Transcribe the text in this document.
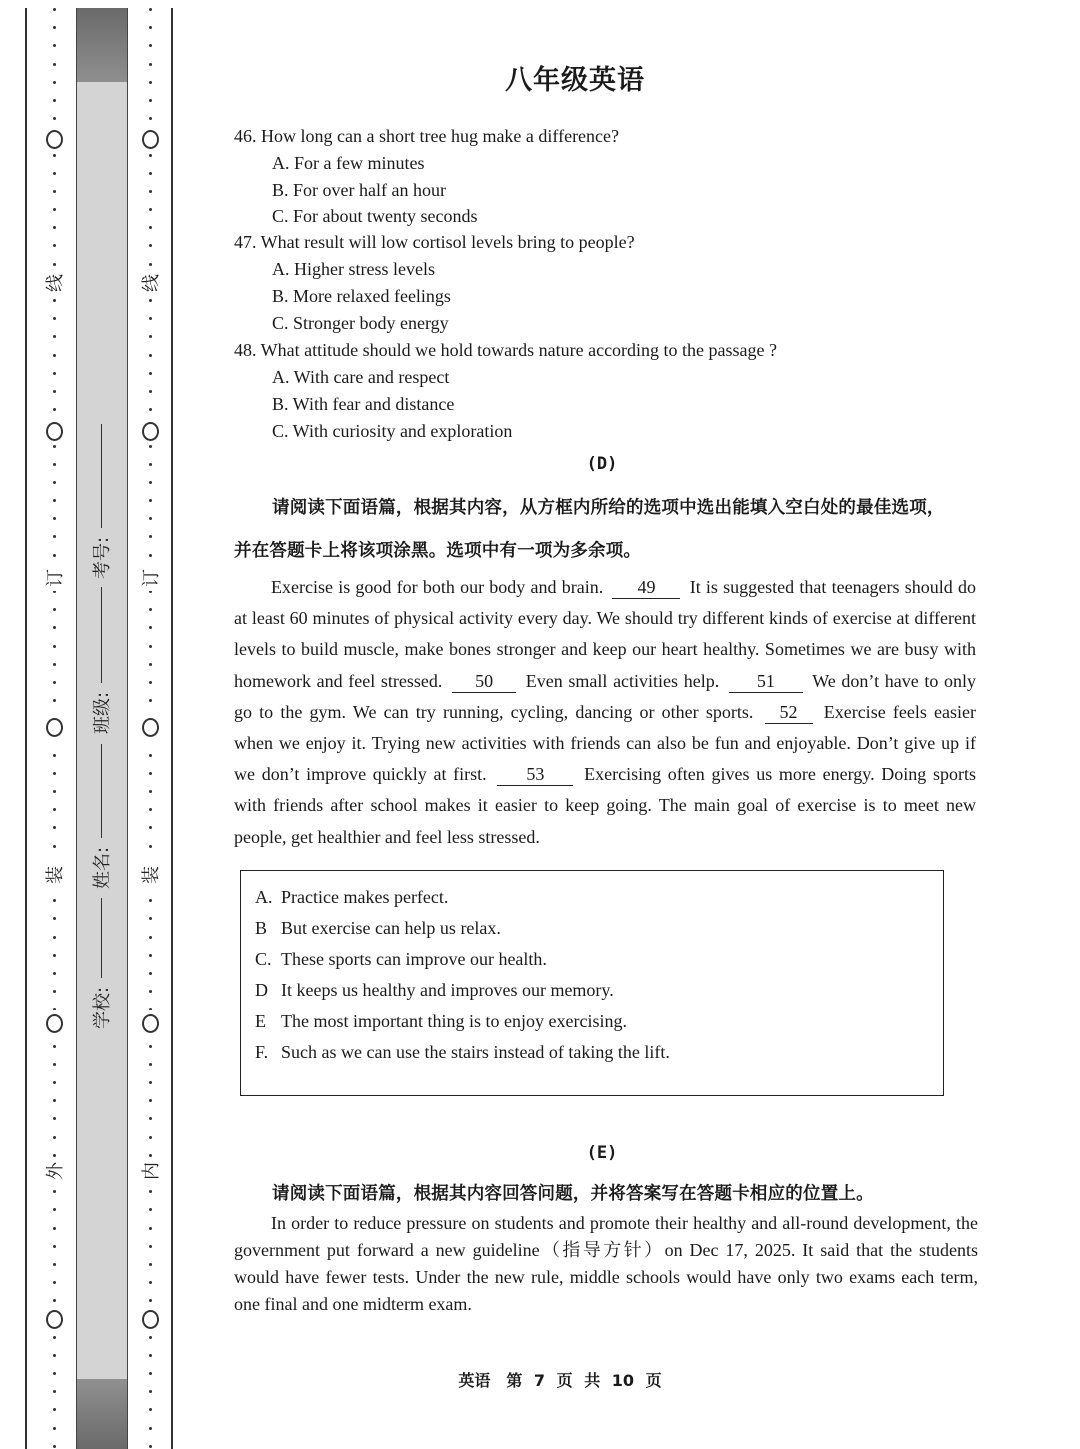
线
订
装
外
线
订
装
内
考号:
班级:
姓名:
学校:
八年级英语
46. How long can a short tree hug make a difference?
A. For a few minutes
B. For over half an hour
C. For about twenty seconds
47. What result will low cortisol levels bring to people?
A. Higher stress levels
B. More relaxed feelings
C. Stronger body energy
48. What attitude should we hold towards nature according to the passage ?
A. With care and respect
B. With fear and distance
C. With curiosity and exploration
(D)
请阅读下面语篇，根据其内容，从方框内所给的选项中选出能填入空白处的最佳选项，
并在答题卡上将该项涂黑。选项中有一项为多余项。
Exercise is good for both our body and brain. 49 It is suggested that teenagers should do at least 60 minutes of physical activity every day. We should try different kinds of exercise at different levels to build muscle, make bones stronger and keep our heart healthy. Sometimes we are busy with homework and feel stressed. 50 Even small activities help. 51 We don’t have to only go to the gym. We can try running, cycling, dancing or other sports. 52 Exercise feels easier when we enjoy it. Trying new activities with friends can also be fun and enjoyable. Don’t give up if we don’t improve quickly at first. 53 Exercising often gives us more energy. Doing sports with friends after school makes it easier to keep going. The main goal of exercise is to meet new people, get healthier and feel less stressed.
A. Practice makes perfect.
B But exercise can help us relax.
C. These sports can improve our health.
D It keeps us healthy and improves our memory.
E The most important thing is to enjoy exercising.
F. Such as we can use the stairs instead of taking the lift.
(E)
请阅读下面语篇，根据其内容回答问题，并将答案写在答题卡相应的位置上。
In order to reduce pressure on students and promote their healthy and all-round development, the government put forward a new guideline（指导方针）on Dec 17, 2025. It said that the students would have fewer tests. Under the new rule, middle schools would have only two exams each term, one final and one midterm exam.
英语　第 7 页 共 10 页
